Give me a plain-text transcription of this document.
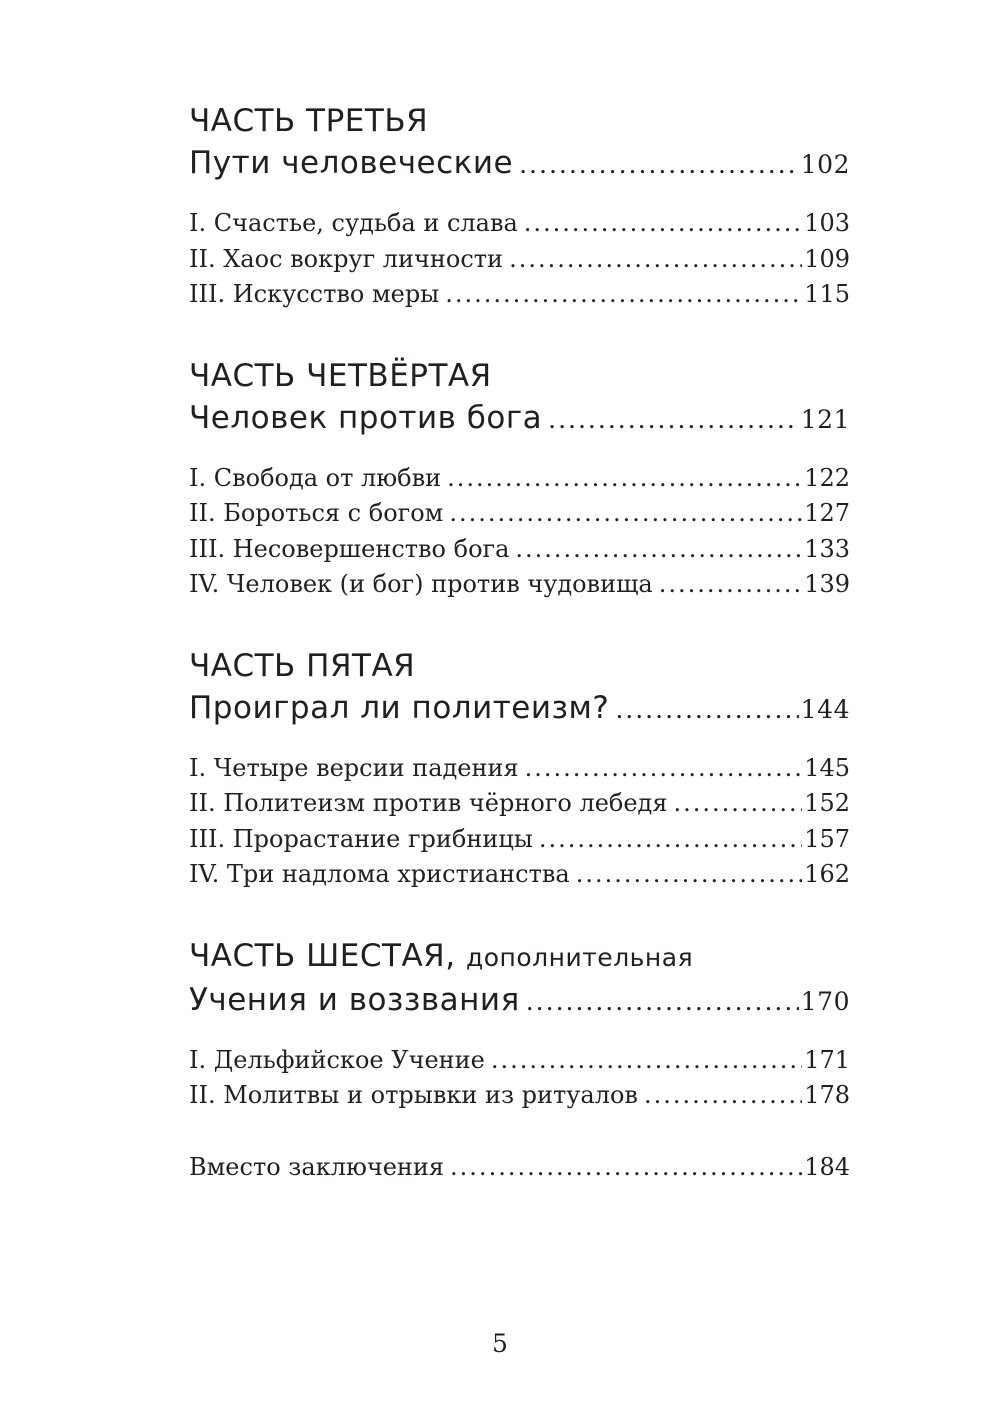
ЧАСТЬ ТРЕТЬЯ
Пути человеческие .....	102
I. Счастье, судьба и слава .....	103
II. Хаос вокруг личности .....	109
III. Искусство меры .....	115
ЧАСТЬ ЧЕТВЁРТАЯ
Человек против бога .....	121
I. Свобода от любви .....	122
II. Бороться с богом .....	127
III. Несовершенство бога .....	133
IV. Человек (и бог) против чудовища .....	139
ЧАСТЬ ПЯТАЯ
Проиграл ли политеизм? .....	144
I. Четыре версии падения .....	145
II. Политеизм против чёрного лебедя .....	152
III. Прорастание грибницы .....	157
IV. Три надлома христианства .....	162
ЧАСТЬ ШЕСТАЯ, дополнительная
Учения и воззвания .....	170
I. Дельфийское Учение .....	171
II. Молитвы и отрывки из ритуалов .....	178
Вместо заключения .....	184
5
